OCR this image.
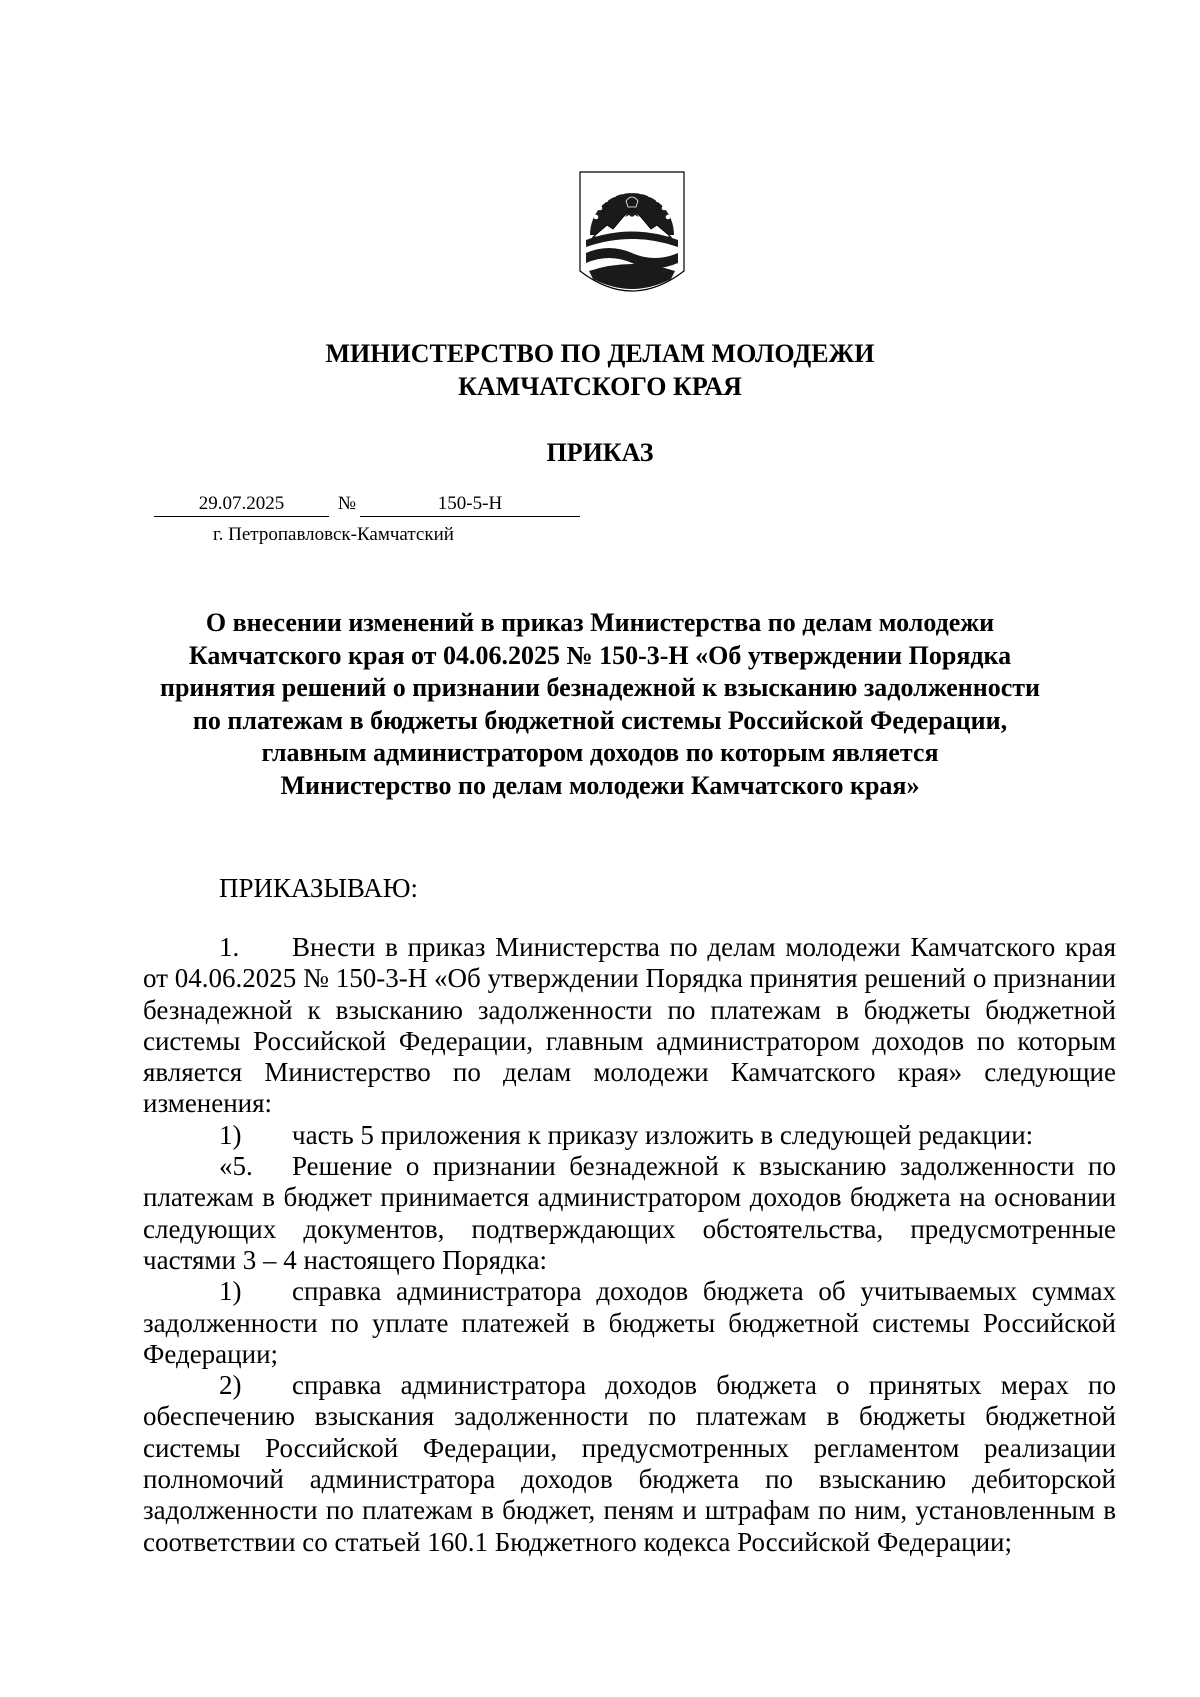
МИНИСТЕРСТВО ПО ДЕЛАМ МОЛОДЕЖИ
КАМЧАТСКОГО КРАЯ
ПРИКАЗ
29.07.2025	№	150-5-Н
г. Петропавловск-Камчатский
О внесении изменений в приказ Министерства по делам молодежи
Камчатского края от 04.06.2025 № 150-3-Н «Об утверждении Порядка
принятия решений о признании безнадежной к взысканию задолженности
по платежам в бюджеты бюджетной системы Российской Федерации,
главным администратором доходов по которым является
Министерство по делам молодежи Камчатского края»
ПРИКАЗЫВАЮ:

1. Внести в приказ Министерства по делам молодежи Камчатского края от 04.06.2025 № 150-3-Н «Об утверждении Порядка принятия решений о признании безнадежной к взысканию задолженности по платежам в бюджеты бюджетной системы Российской Федерации, главным администратором доходов по которым является Министерство по делам молодежи Камчатского края» следующие изменения:

1) часть 5 приложения к приказу изложить в следующей редакции:

«5. Решение о признании безнадежной к взысканию задолженности по платежам в бюджет принимается администратором доходов бюджета на основании следующих документов, подтверждающих обстоятельства, предусмотренные частями 3 – 4 настоящего Порядка:

1) справка администратора доходов бюджета об учитываемых суммах задолженности по уплате платежей в бюджеты бюджетной системы Российской Федерации;

2) справка администратора доходов бюджета о принятых мерах по обеспечению взыскания задолженности по платежам в бюджеты бюджетной системы Российской Федерации, предусмотренных регламентом реализации полномочий администратора доходов бюджета по взысканию дебиторской задолженности по платежам в бюджет, пеням и штрафам по ним, установленным в соответствии со статьей 160.1 Бюджетного кодекса Российской Федерации;
